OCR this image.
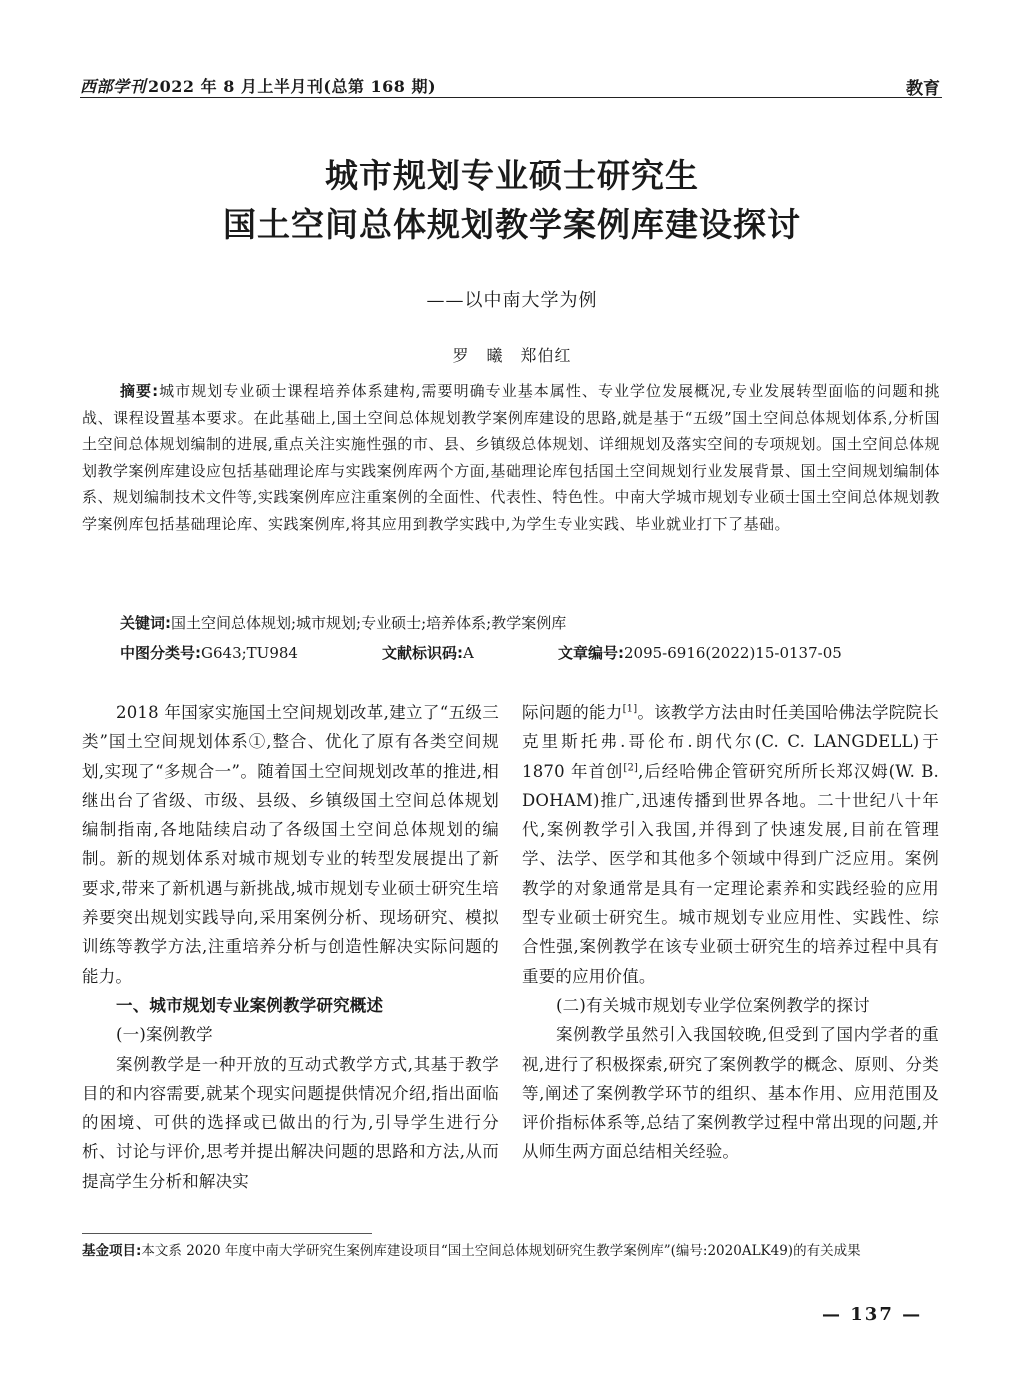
西部学刊 2022 年 8 月上半月刊(总第 168 期)	教育
城市规划专业硕士研究生
国土空间总体规划教学案例库建设探讨
——以中南大学为例
罗　曦　郑伯红

摘要:城市规划专业硕士课程培养体系建构,需要明确专业基本属性、专业学位发展概况,专业发展转型面临的问题和挑战、课程设置基本要求。在此基础上,国土空间总体规划教学案例库建设的思路,就是基于“五级”国土空间总体规划体系,分析国土空间总体规划编制的进展,重点关注实施性强的市、县、乡镇级总体规划、详细规划及落实空间的专项规划。国土空间总体规划教学案例库建设应包括基础理论库与实践案例库两个方面,基础理论库包括国土空间规划行业发展背景、国土空间规划编制体系、规划编制技术文件等,实践案例库应注重案例的全面性、代表性、特色性。中南大学城市规划专业硕士国土空间总体规划教学案例库包括基础理论库、实践案例库,将其应用到教学实践中,为学生专业实践、毕业就业打下了基础。

关键词:国土空间总体规划;城市规划;专业硕士;培养体系;教学案例库
中图分类号:G643;TU984	文献标识码:A	文章编号:2095-6916(2022)15-0137-05

2018 年国家实施国土空间规划改革,建立了“五级三类”国土空间规划体系①,整合、优化了原有各类空间规划,实现了“多规合一”。随着国土空间规划改革的推进,相继出台了省级、市级、县级、乡镇级国土空间总体规划编制指南,各地陆续启动了各级国土空间总体规划的编制。新的规划体系对城市规划专业的转型发展提出了新要求,带来了新机遇与新挑战,城市规划专业硕士研究生培养要突出规划实践导向,采用案例分析、现场研究、模拟训练等教学方法,注重培养分析与创造性解决实际问题的能力。

一、城市规划专业案例教学研究概述

(一)案例教学

案例教学是一种开放的互动式教学方式,其基于教学目的和内容需要,就某个现实问题提供情况介绍,指出面临的困境、可供的选择或已做出的行为,引导学生进行分析、讨论与评价,思考并提出解决问题的思路和方法,从而提高学生分析和解决实

际问题的能力[1]。该教学方法由时任美国哈佛法学院院长克里斯托弗.哥伦布.朗代尔(C. C. LANGDELL)于 1870 年首创[2],后经哈佛企管研究所所长郑汉姆(W. B. DOHAM)推广,迅速传播到世界各地。二十世纪八十年代,案例教学引入我国,并得到了快速发展,目前在管理学、法学、医学和其他多个领域中得到广泛应用。案例教学的对象通常是具有一定理论素养和实践经验的应用型专业硕士研究生。城市规划专业应用性、实践性、综合性强,案例教学在该专业硕士研究生的培养过程中具有重要的应用价值。

(二)有关城市规划专业学位案例教学的探讨

案例教学虽然引入我国较晚,但受到了国内学者的重视,进行了积极探索,研究了案例教学的概念、原则、分类等,阐述了案例教学环节的组织、基本作用、应用范围及评价指标体系等,总结了案例教学过程中常出现的问题,并从师生两方面总结相关经验。

基金项目:本文系 2020 年度中南大学研究生案例库建设项目“国土空间总体规划研究生教学案例库”(编号:2020ALK49)的有关成果
— 137 —
